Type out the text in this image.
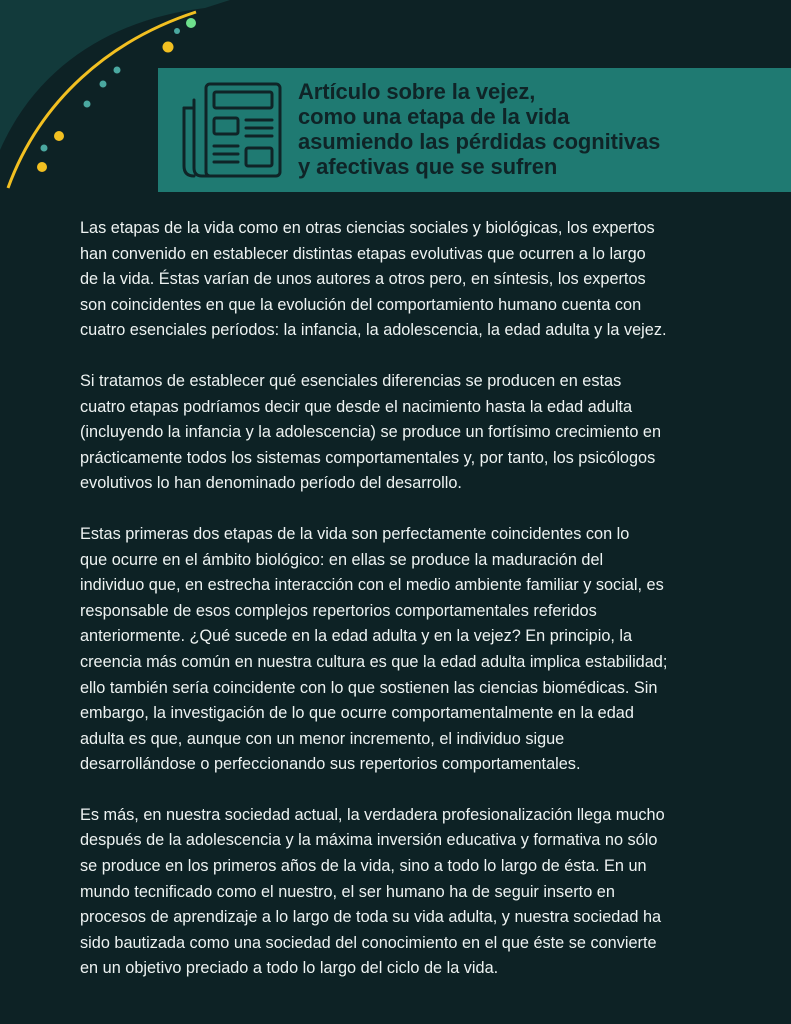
Artículo sobre la vejez,
como una etapa de la vida
asumiendo las pérdidas cognitivas
y afectivas que se sufren

Las etapas de la vida como en otras ciencias sociales y biológicas, los expertos
han convenido en establecer distintas etapas evolutivas que ocurren a lo largo
de la vida. Éstas varían de unos autores a otros pero, en síntesis, los expertos
son coincidentes en que la evolución del comportamiento humano cuenta con
cuatro esenciales períodos: la infancia, la adolescencia, la edad adulta y la vejez.

Si tratamos de establecer qué esenciales diferencias se producen en estas
cuatro etapas podríamos decir que desde el nacimiento hasta la edad adulta
(incluyendo la infancia y la adolescencia) se produce un fortísimo crecimiento en
prácticamente todos los sistemas comportamentales y, por tanto, los psicólogos
evolutivos lo han denominado período del desarrollo.

Estas primeras dos etapas de la vida son perfectamente coincidentes con lo
que ocurre en el ámbito biológico: en ellas se produce la maduración del
individuo que, en estrecha interacción con el medio ambiente familiar y social, es
responsable de esos complejos repertorios comportamentales referidos
anteriormente. ¿Qué sucede en la edad adulta y en la vejez? En principio, la
creencia más común en nuestra cultura es que la edad adulta implica estabilidad;
ello también sería coincidente con lo que sostienen las ciencias biomédicas. Sin
embargo, la investigación de lo que ocurre comportamentalmente en la edad
adulta es que, aunque con un menor incremento, el individuo sigue
desarrollándose o perfeccionando sus repertorios comportamentales.

Es más, en nuestra sociedad actual, la verdadera profesionalización llega mucho
después de la adolescencia y la máxima inversión educativa y formativa no sólo
se produce en los primeros años de la vida, sino a todo lo largo de ésta. En un
mundo tecnificado como el nuestro, el ser humano ha de seguir inserto en
procesos de aprendizaje a lo largo de toda su vida adulta, y nuestra sociedad ha
sido bautizada como una sociedad del conocimiento en el que éste se convierte
en un objetivo preciado a todo lo largo del ciclo de la vida.
